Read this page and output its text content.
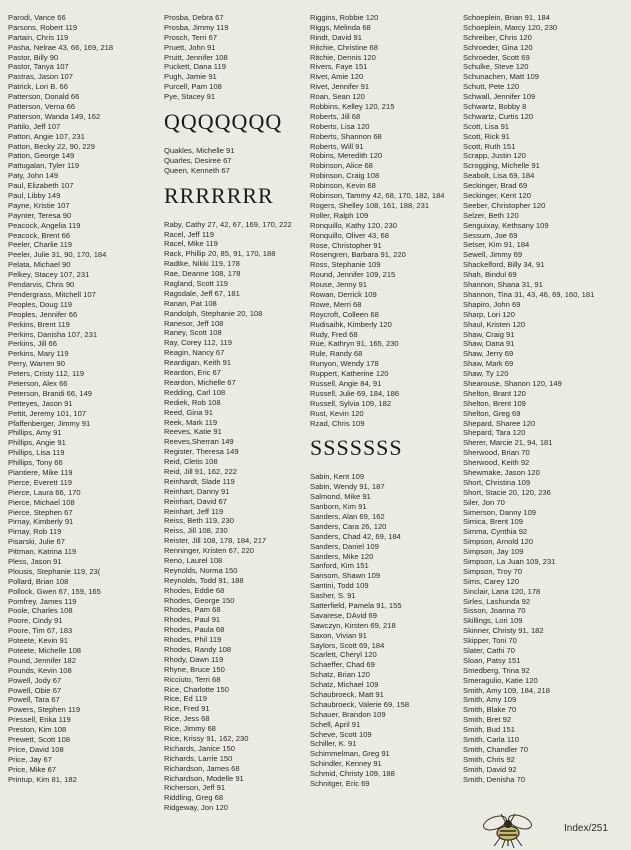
Parodi, Vance 66
Parsons, Robert 119
Partain, Chris 119
Pasha, Nelrae 43, 66, 169, 218
Pastor, Billy 90
Pastor, Tanya 107
Pastras, Jason 107
Patrick, Lori B. 66
Patterson, Donald 66
Patterson, Verna 66
Patterson, Wanda 149, 162
Pattilo, Jeff 107
Patton, Angie 107, 231
Patton, Becky 22, 90, 229
Patton, George 149
Pattugalan, Tyler 119
Paty, John 149
Paul, Elizabeth 107
Paul, Libby 149
Payne, Kristie 107
Paynter, Teresa 90
Peacock, Angelia 119
Peacock, Brent 66
Peeler, Charlie 119
Peeler, Julie 31, 90, 170, 184
Pelata, Michael 90
Pelkey, Stacey 107, 231
Pendarvis, Chris 90
Pendergrass, Mitchell 107
Peoples, Doug 119
Peoples, Jennifer 66
Perkins, Brent 119
Perkins, Danisha 107, 231
Perkins, Jill 66
Perkins, Mary 119
Perry, Warren 90
Peters, Cristy 112, 119
Peterson, Alex 66
Peterson, Brandi 66, 149
Petteyes, Jason 91
Pettit, Jeremy 101, 107
Pfaffenberger, Jimmy 91
Phillips, Amy 91
Phillips, Angie 91
Phillips, Lisa 119
Phillips, Tony 66
Piantiere, Mike 119
Pierce, Everett 119
Pierce, Laura 66, 170
Pierce, Michael 108
Pierce, Stephen 67
Pirnay, Kimberly 91
Pirnay, Rob 119
Pisarski, Julie 67
Pittman, Katrina 119
Pless, Jason 91
Plousis, Stephanie 119, 23(
Pollard, Brian 108
Pollock, Gwen 67, 159, 165
Pomfrey, James 119
Poole, Charles 108
Poore, Cindy 91
Poore, Tim 67, 183
Poteete, Kevin 91
Poteete, Michelle 108
Pound, Jennifer 182
Pounds, Kevin 108
Powell, Jody 67
Powell, Obie 67
Powell, Tara 67
Powers, Stephen 119
Pressell, Erika 119
Preston, Kim 108
Prewett, Scott 108
Price, David 108
Price, Jay 67
Price, Mike 67
Printup, Kim 81, 182
Prosba, Debra 67
Prosba, Jimmy 119
Prosch, Terri 67
Pruett, John 91
Pruitt, Jennifer 108
Puckett, Dana 119
Pugh, Jamie 91
Purcell, Pam 108
Pye, Stacey 91
QQQQQQQ
Quakles, Michelle 91
Quarles, Desiree 67
Queen, Kenneth 67
RRRRRRR
Raby, Cathy 27, 42, 67, 169, 170, 222
Racel, Jeff 119
Racel, Mike 119
Rack, Phillip 20, 85, 91, 170, 188
Radtke, Nikki 119, 178
Rae, Deanne 108, 178
Ragland, Scott 119
Ragsdale, Jeff 67, 181
Ranan, Pat 108
Randolph, Stephanie 20, 108
Ranesor, Jeff 108
Raney, Scott 108
Ray, Corey 112, 119
Reagin, Nancy 67
Reardigan, Keith 91
Reardon, Eric 67
Reardon, Michelle 67
Redding, Carl 108
Rediek, Rob 108
Reed, Gina 91
Reek, Mark 119
Reeves, Katie 91
Reeves,Sherran 149
Register, Theresa 149
Reid, Cletis 108
Reid, Jill 91, 162, 222
Reinhardt, Slade 119
Reinhart, Danny 91
Reinhart, David 67
Reinhart, Jeff 119
Reiss, Beth 119, 230
Reiss, Jill 108, 230
Reister, Jill 108, 178, 184, 217
Renninger, Kristen 67, 220
Reno, Laurel 108
Reynolds, Norma 150
Reynolds, Todd 91, 188
Rhodes, Eddie 68
Rhodes, George 150
Rhodes, Pam 68
Rhodes, Paul 91
Rhodes, Paula 68
Rhodes, Phil 119
Rhodes, Randy 108
Rhody, Dawn 119
Rhyne, Bruce 150
Ricciuto, Terri 68
Rice, Charlotte 150
Rice, Ed 119
Rice, Fred 91
Rice, Jess 68
Rice, Jimmy 68
Rice, Krissy 91, 162, 230
Richards, Janice 150
Richards, Larrie 150
Richardson, James 68
Richardson, Modelle 91
Richerson, Jeff 91
Riddling, Greg 68
Ridgeway, Jon 120
Riggins, Robbie 120
Riggs, Melinda 68
Rindt, David 91
Ritchie, Christine 68
Ritchie, Dennis 120
Rivers, Faye 151
Rivet, Amie 120
Rivet, Jennifer 91
Roan, Sean 120
Robbins, Kelley 120, 215
Roberts, Jill 68
Roberts, Lisa 120
Roberts, Shannon 68
Roberts, Will 91
Robins, Meredith 120
Robinson, Alice 68
Robinson, Craig 108
Robinson, Kevin 68
Robinson, Tammy 42, 68, 170, 182, 184
Rogers, Shelley 108, 161, 188, 231
Roller, Ralph 109
Ronquillo, Kathy 120, 230
Ronquillo, Oliver 43, 68
Rose, Christopher 91
Rosengren, Barbara 91, 220
Ross, Stephanie 109
Round, Jennifer 109, 215
Rouse, Jenny 91
Rowan, Derrick 109
Rowe, Merri 68
Roycroft, Colleen 68
Rudisaihk, Kimberly 120
Rudy, Fred 68
Rue, Kathryn 91, 165, 230
Rule, Randy 68
Runyon, Wendy 178
Ruppert, Katherine 120
Russell, Angie 84, 91
Russell, Julie 69, 184, 186
Russell, Sylvia 109, 182
Rust, Kevin 120
Rzad, Chris 109
SSSSSSS
Sabin, Kent 109
Sabin, Wendy 91, 187
Salmond, Mike 91
Sanborn, Kim 91
Sanders, Alan 69, 162
Sanders, Cara 26, 120
Sanders, Chad 42, 69, 184
Sanders, Daniel 109
Sanders, Mike 120
Sanford, Kim 151
Sansom, Shawn 109
Santini, Todd 109
Sasher, S. 91
Satterfield, Pamela 91, 155
Savarese, DAvid 69
Sawczyn, Kirsten 69, 218
Saxon, Vivian 91
Saylors, Scott 69, 184
Scarlett, Cheryl 120
Schaeffer, Chad 69
Schatz, Brian 120
Schatz, Michael 109
Schaubroeck, Matt 91
Schaubroeck, Valerie 69, 158
Schauer, Brandon 109
Schell, April 91
Scheve, Scott 109
Schiller, K. 91
Schimmelman, Greg 91
Schindler, Kenney 91
Schmid, Christy 109, 188
Schnitger, Eric 69
Schoeplein, Brian 91, 184
Schoeplein, Marcy 120, 230
Schreiber, Chris 120
Schroeder, Gina 120
Schroeder, Scott 69
Schulke, Steve 120
Schunachen, Matt 109
Schutt, Pete 120
Schwall, Jennifer 109
Schwartz, Bobby 8
Schwartz, Curtis 120
Scott, Lisa 91
Scott, Rick 91
Scott, Ruth 151
Scrapp, Justin 120
Scrogging, Michelle 91
Seabolt, Lisa 69, 184
Seckinger, Brad 69
Seckinger, Kent 120
Seeber, Christopher 120
Selzer, Beth 120
Senguixay, Kethsany 109
Sessum, Joe 69
Setser, Kim 91, 184
Sewell, Jimmy 69
Shackelford, Billy 34, 91
Shah, Bindul 69
Shannon, Shana 31, 91
Shannon, Tina 31, 43, 46, 69, 160, 181
Shapiro, John 69
Sharp, Lori 120
Shaul, Kristen 120
Shaw, Craig 91
Shaw, Dana 91
Shaw, Jerry 69
Shaw, Mark 69
Shaw, Ty 120
Shearouse, Shanon 120, 149
Shelton, Brant 120
Shelton, Brent 109
Shelton, Greg 69
Shepard, Sharee 120
Shepard, Tara 120
Sherer, Marcie 21, 94, 181
Sherwood, Brian 70
Sherwood, Keith 92
Shewmake, Jason 120
Short, Christina 109
Short, Stacie 20, 120, 236
Siler, Jon 70
Simerson, Danny 109
Simica, Brent 109
Simma, Cynthia 92
Simpson, Arnold 120
Simpson, Jay 109
Simpson, La Juan 109, 231
Simpson, Troy 70
Sims, Carey 120
Sinclair, Lana 120, 178
Sirles, Lashunda 92
Sisson, Joanna 70
Skillings, Lori 109
Skinner, Christy 91, 182
Skipper, Toni 70
Slater, Cathi 70
Sloan, Patsy 151
Smedberg, Trina 92
Smeragulio, Katie 120
Smith, Amy 109, 184, 218
Smith, Amy 109
Smith, Blake 70
Smith, Bret 92
Smith, Bud 151
Smith, Carla 110
Smith, Chandler 70
Smith, Chris 92
Smith, David 92
Smith, Denisha 70
Index/251
